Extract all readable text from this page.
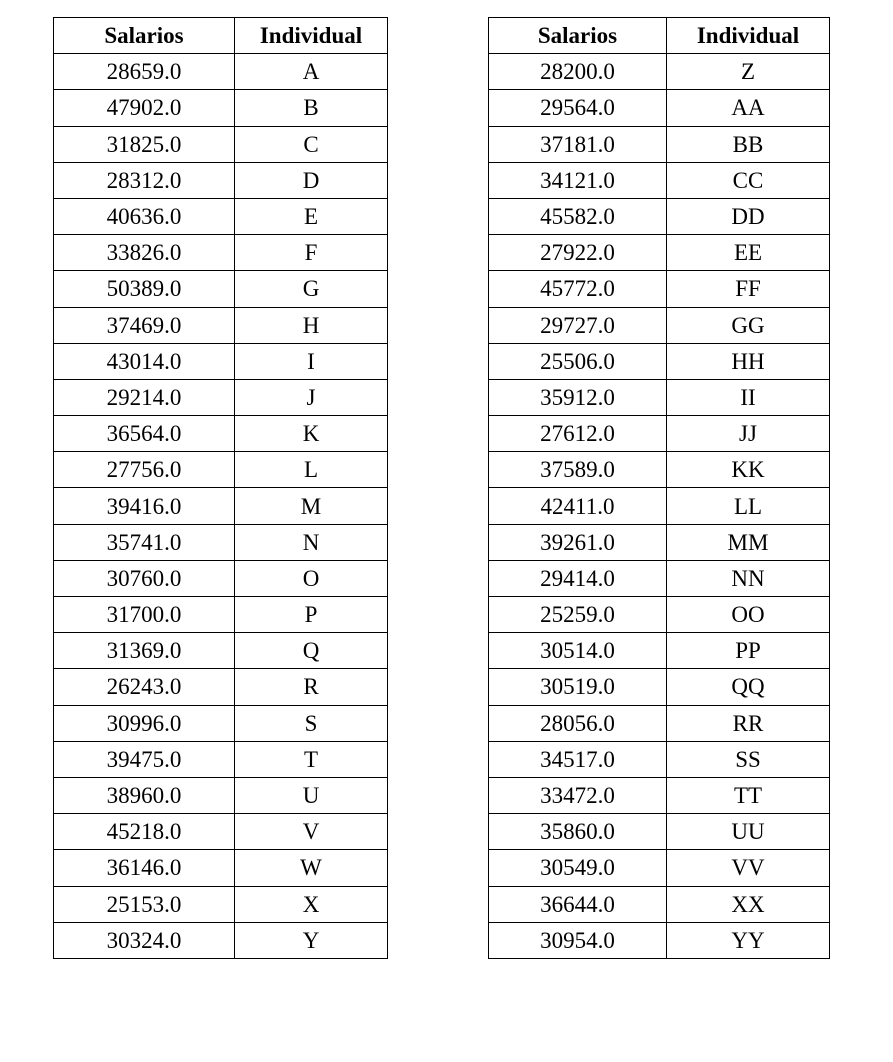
Salarios	Individual
28659.0	A
47902.0	B
31825.0	C
28312.0	D
40636.0	E
33826.0	F
50389.0	G
37469.0	H
43014.0	I
29214.0	J
36564.0	K
27756.0	L
39416.0	M
35741.0	N
30760.0	O
31700.0	P
31369.0	Q
26243.0	R
30996.0	S
39475.0	T
38960.0	U
45218.0	V
36146.0	W
25153.0	X
30324.0	Y
Salarios	Individual
28200.0	Z
29564.0	AA
37181.0	BB
34121.0	CC
45582.0	DD
27922.0	EE
45772.0	FF
29727.0	GG
25506.0	HH
35912.0	II
27612.0	JJ
37589.0	KK
42411.0	LL
39261.0	MM
29414.0	NN
25259.0	OO
30514.0	PP
30519.0	QQ
28056.0	RR
34517.0	SS
33472.0	TT
35860.0	UU
30549.0	VV
36644.0	XX
30954.0	YY
